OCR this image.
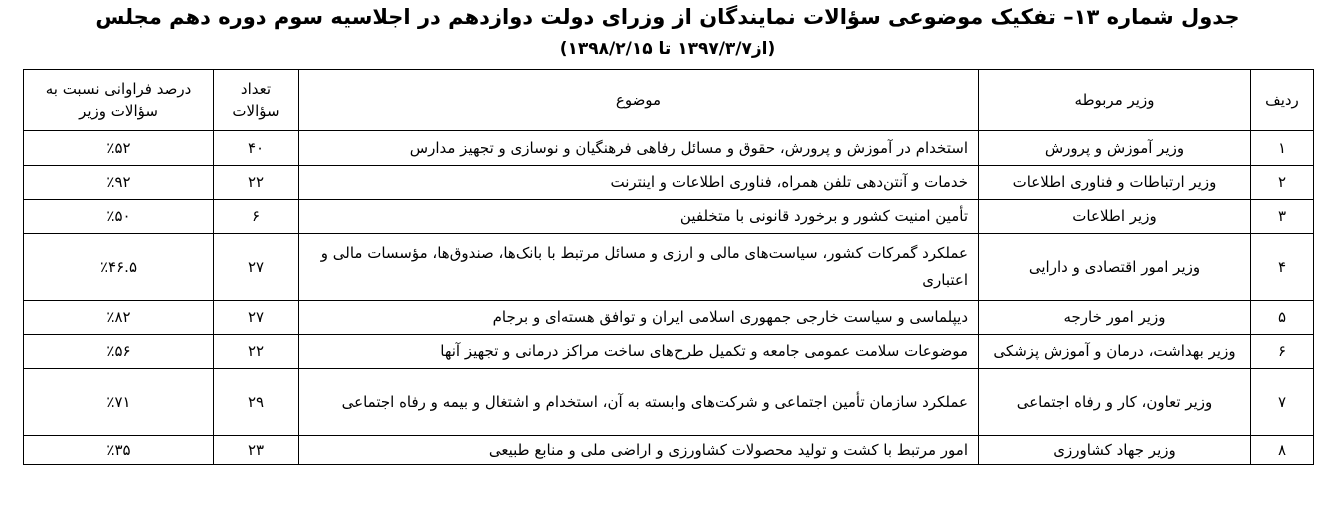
جدول شماره ۱۳– تفکیک موضوعی سؤالات نمایندگان از وزرای دولت دوازدهم در اجلاسیه سوم دوره دهم مجلس
(از۱۳۹۷/۳/۷ تا ۱۳۹۸/۲/۱۵)
ردیف	وزیر مربوطه	موضوع	تعداد سؤالات	درصد فراوانی نسبت به سؤالات وزیر
۱	وزیر آموزش و پرورش	استخدام در آموزش و پرورش، حقوق و مسائل رفاهی فرهنگیان و نوسازی و تجهیز مدارس	۴۰	٪۵۲
۲	وزیر ارتباطات و فناوری اطلاعات	خدمات و آنتن‌دهی تلفن همراه، فناوری اطلاعات و اینترنت	۲۲	٪۹۲
۳	وزیر اطلاعات	تأمین امنیت کشور و برخورد قانونی با متخلفین	۶	٪۵۰
۴	وزیر امور اقتصادی و دارایی	عملکرد گمرکات کشور، سیاست‌های مالی و ارزی و مسائل مرتبط با بانک‌ها، صندوق‌ها، مؤسسات مالی و اعتباری	۲۷	٪۴۶.۵
۵	وزیر امور خارجه	دیپلماسی و سیاست خارجی جمهوری اسلامی ایران و توافق هسته‌ای و برجام	۲۷	٪۸۲
۶	وزیر بهداشت، درمان و آموزش پزشکی	موضوعات سلامت عمومی جامعه و تکمیل طرح‌های ساخت مراکز درمانی و تجهیز آنها	۲۲	٪۵۶
۷	وزیر تعاون، کار و رفاه اجتماعی	عملکرد سازمان تأمین اجتماعی و شرکت‌های وابسته به آن، استخدام و اشتغال و بیمه و رفاه اجتماعی	۲۹	٪۷۱
۸	وزیر جهاد کشاورزی	امور مرتبط با کشت و تولید محصولات کشاورزی و اراضی ملی و منابع طبیعی	۲۳	٪۳۵
